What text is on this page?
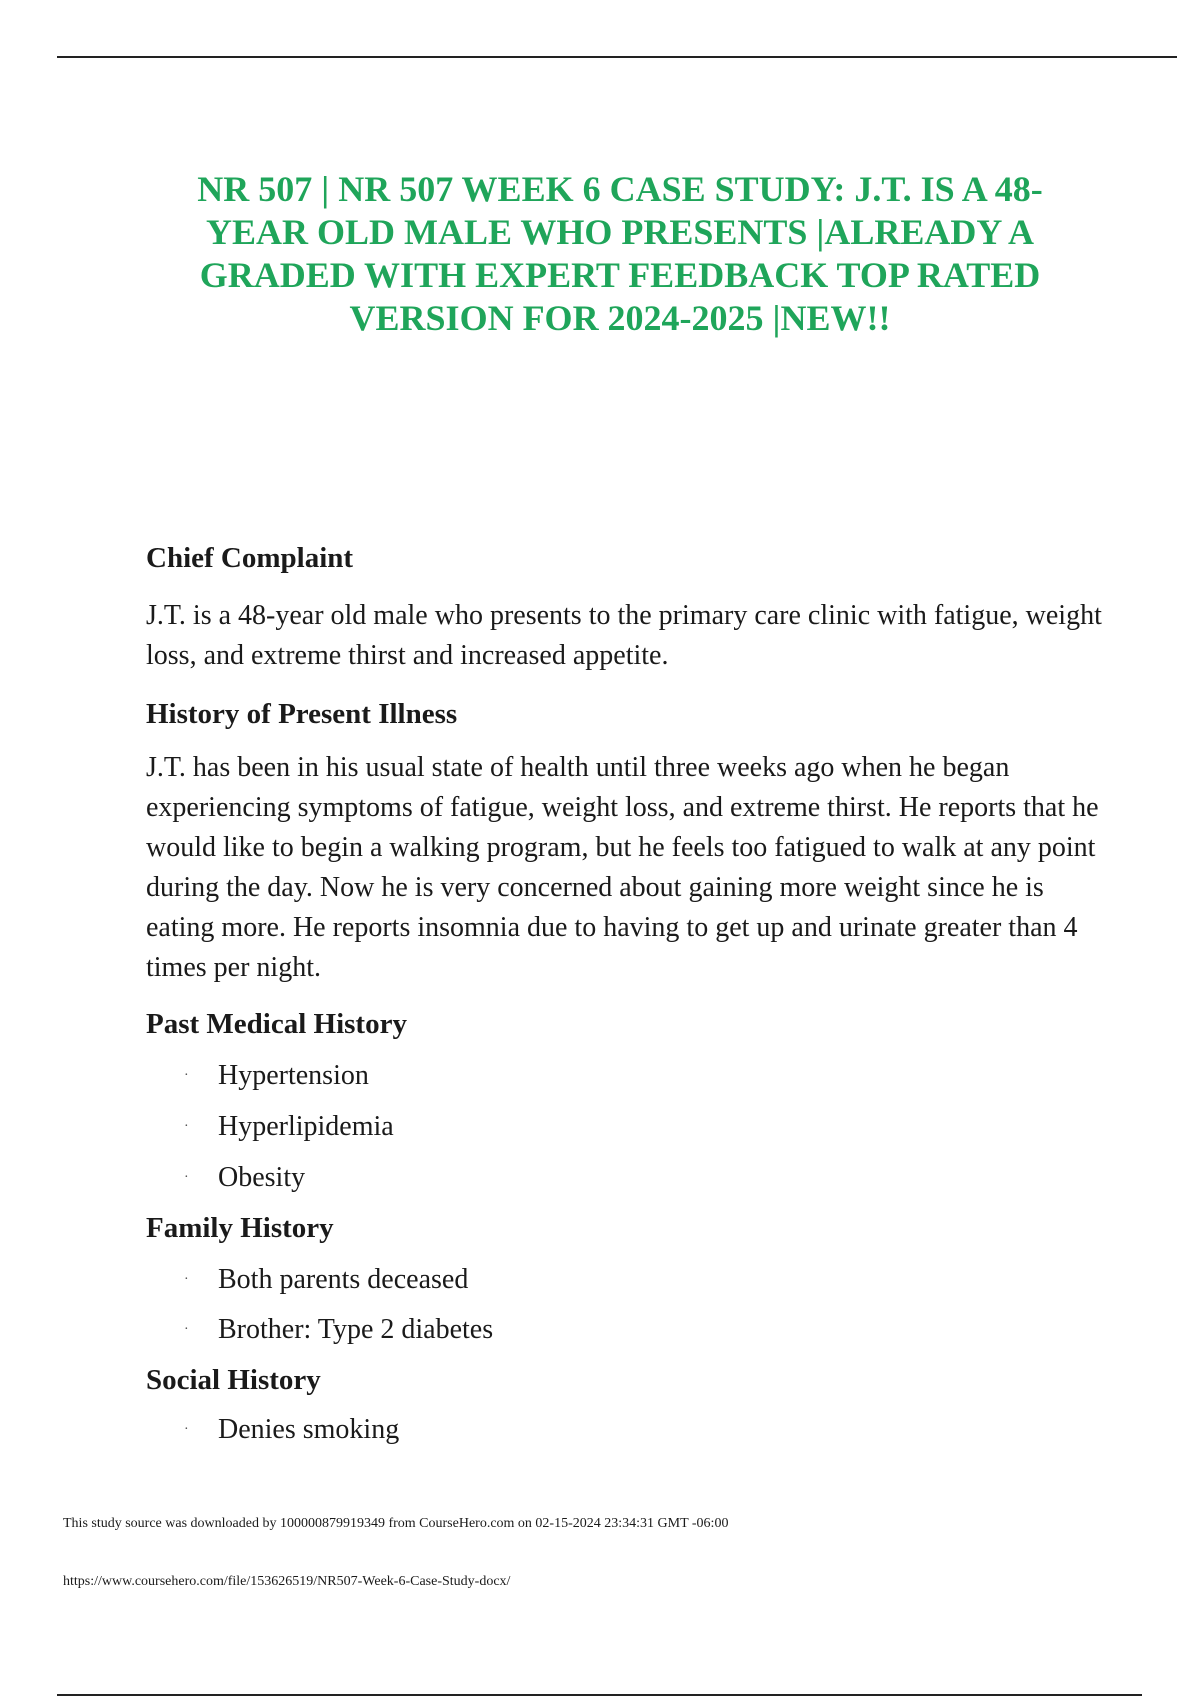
NR 507 | NR 507 WEEK 6 CASE STUDY: J.T. IS A 48-YEAR OLD MALE WHO PRESENTS |ALREADY A GRADED WITH EXPERT FEEDBACK TOP RATED VERSION FOR 2024-2025 |NEW!!
Chief Complaint

J.T. is a 48-year old male who presents to the primary care clinic with fatigue, weight loss, and extreme thirst and increased appetite.

History of Present Illness

J.T. has been in his usual state of health until three weeks ago when he began experiencing symptoms of fatigue, weight loss, and extreme thirst. He reports that he would like to begin a walking program, but he feels too fatigued to walk at any point during the day. Now he is very concerned about gaining more weight since he is eating more. He reports insomnia due to having to get up and urinate greater than 4 times per night.

Past Medical History
· Hypertension
· Hyperlipidemia
· Obesity
Family History
· Both parents deceased
· Brother: Type 2 diabetes
Social History
· Denies smoking

This study source was downloaded by 100000879919349 from CourseHero.com on 02-15-2024 23:34:31 GMT -06:00

https://www.coursehero.com/file/153626519/NR507-Week-6-Case-Study-docx/
